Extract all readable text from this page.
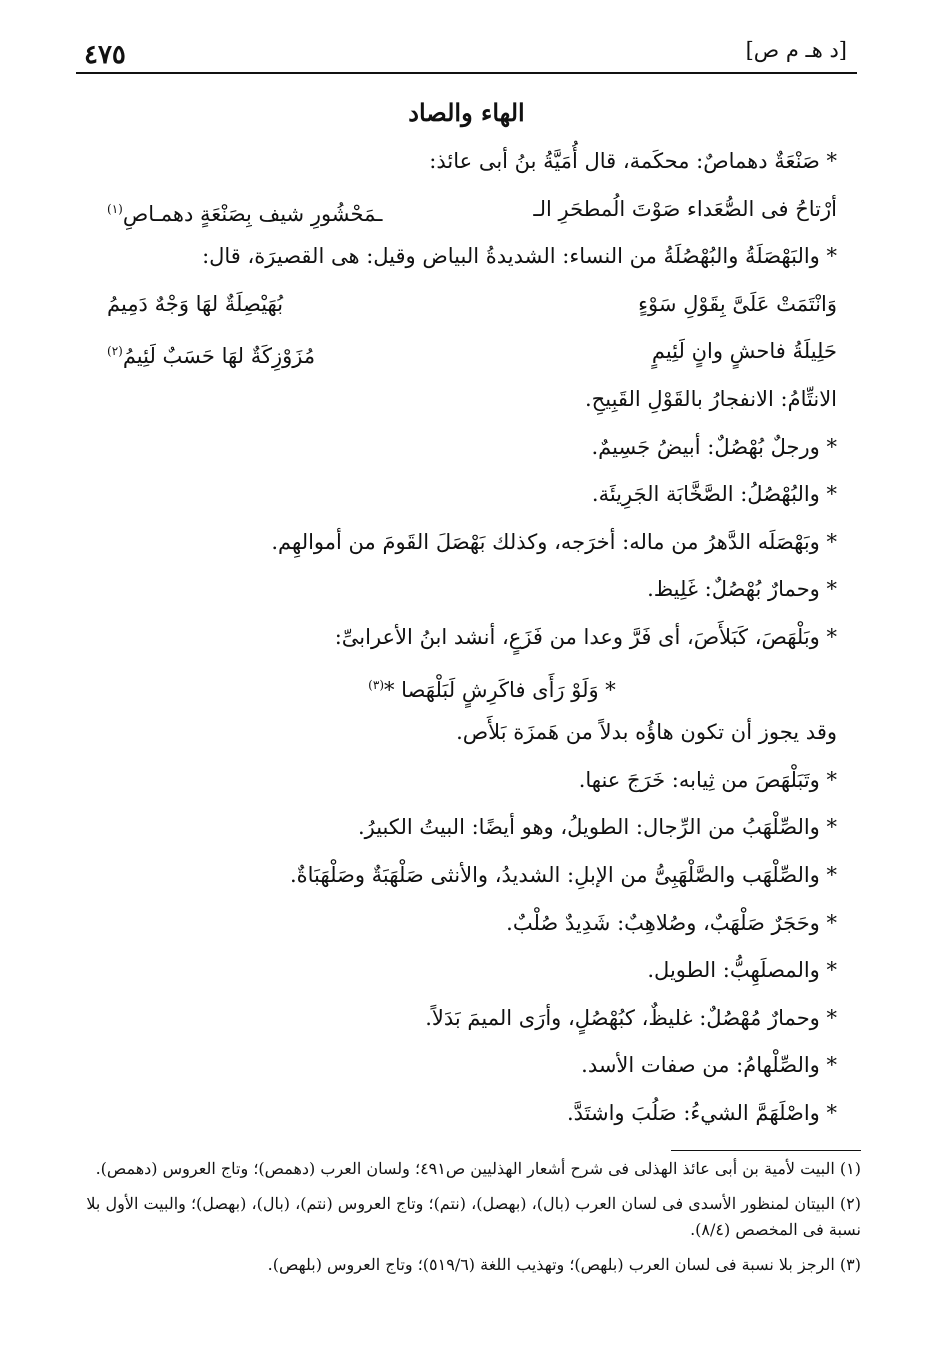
٤٧٥	[د هـ م ص]
الهاء والصاد
* صَنْعَةٌ دهماصٌ: محكَمة، قال أُمَيَّةُ بنُ أبى عائذ:
أرْتاحُ فى الصُّعَداء صَوْتَ الُمطحَرِ الـ
ـمَحْشُورِ شيف بِصَنْعَةٍ دهمـاصِ$^{(١)}$
* والبَهْصَلَةُ والبُهْصُلَةُ من النساء: الشديدةُ البياض وقيل: هى القصيرَة، قال:
وَانْتَمَتْ عَلَىَّ بِقَوْلِ سَوْءٍ
بُهَيْصِلَةٌ لهَا وَجْهٌ دَمِيمُ
حَلِيلَةُ فاحشٍ وانٍ لَئِيمٍ
مُزَوْزِكَةٌ لهَا حَسَبٌ لَئِيمُ$^{(٢)}$
الانتِّامُ: الانفجارُ بالقَوْلِ القَبِيحِ.
* ورجلٌ بُهْصُلٌ: أبيضُ جَسِيمٌ.
* والبُهْصُلُ: الصَّخَّابَة الجَرِيئَة.
* وبَهْصَلَه الدَّهرُ من ماله: أخرَجه، وكذلك بَهْصَلَ القَومَ من أموالهِم.
* وحمارٌ بُهْصُلٌ: غَلِيظ.
* وبَلْهَصَ، كَبَلأَصَ، أى فَرَّ وعدا من فَزَعٍ، أنشد ابنُ الأعرابىِّ:
* وَلَوْ رَأَى فاكَرِشٍ لَبَلْهَصا *$^{(٣)}$
وقد يجوز أن تكون هاؤُه بدلاً من هَمزَة بَلأَص.
* وتَبَلْهَصَ من ثِيابه: خَرَجَ عنها.
* والصِّلْهَبُ من الرِّجال: الطويلُ، وهو أيضًا: البيتُ الكبيرُ.
* والصِّلْهَب والصَّلْهَبِىُّ من الإبلِ: الشديدُ، والأنثى صَلْهَبَةٌ وصَلْهَبَاةٌ.
* وحَجَرٌ صَلْهَبٌ، وصُلاهِبٌ: شَدِيدٌ صُلْبٌ.
* والمصلَهِبُّ: الطويل.
* وحمارٌ مُهْصُلٌ: غليظٌ، كبُهْصُلٍ، وأرَى الميمَ بَدَلاً.
* والصِّلْهامُ: من صفات الأسد.
* واصْلَهَمَّ الشيءُ: صَلُبَ واشتَدَّ.
(١) البيت لأمية بن أبى عائذ الهذلى فى شرح أشعار الهذليين ص٤٩١؛ ولسان العرب (دهمص)؛ وتاج العروس (دهمص).
(٢) البيتان لمنظور الأسدى فى لسان العرب (بال)، (بهصل)، (نتم)؛ وتاج العروس (نتم)، (بال)، (بهصل)؛ والبيت الأول بلا نسبة فى المخصص (٨/٤).
(٣) الرجز بلا نسبة فى لسان العرب (بلهص)؛ وتهذيب اللغة (٥١٩/٦)؛ وتاج العروس (بلهص).
